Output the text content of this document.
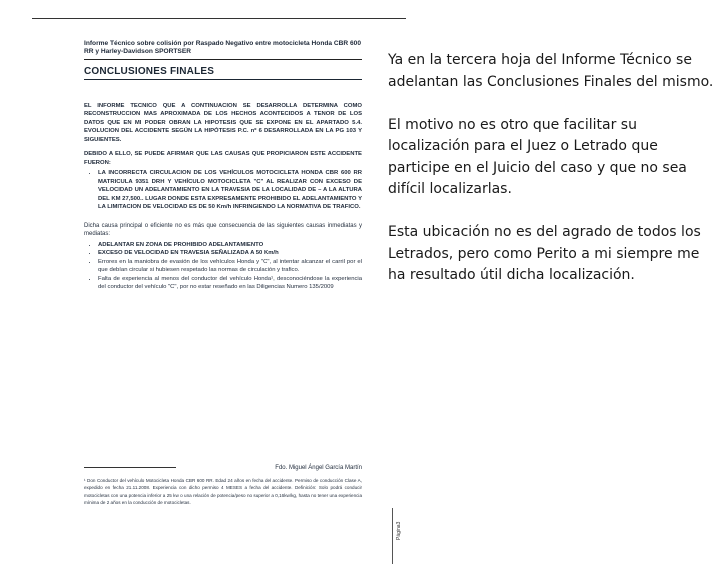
Informe Técnico sobre colisión por Raspado Negativo entre motocicleta Honda CBR 600 RR y Harley-Davidson SPORTSER
CONCLUSIONES FINALES
EL INFORME TECNICO QUE A CONTINUACION SE DESARROLLA DETERMINA COMO RECONSTRUCCION MAS APROXIMADA DE LOS HECHOS ACONTECIDOS A TENOR DE LOS DATOS QUE EN MI PODER OBRAN LA HIPOTESIS QUE SE EXPONE EN EL APARTADO 5.4. EVOLUCION DEL ACCIDENTE SEGÚN LA HIPÓTESIS P.C. nº 6 DESARROLLADA EN LA PG 103 Y SIGUIENTES.
DEBIDO A ELLO, SE PUEDE AFIRMAR QUE LAS CAUSAS QUE PROPICIARON ESTE ACCIDENTE FUERON:
• LA INCORRECTA CIRCULACION DE LOS VEHÍCULOS MOTOCICLETA HONDA CBR 600 RR MATRICULA 9351 DRH Y VEHÍCULO MOTOCICLETA "C" AL REALIZAR CON EXCESO DE VELOCIDAD UN ADELANTAMIENTO EN LA TRAVESIA DE LA LOCALIDAD DE – A LA ALTURA DEL KM 27,500.. LUGAR DONDE ESTA EXPRESAMENTE PROHIBIDO EL ADELANTAMIENTO Y LA LIMITACION DE VELOCIDAD ES DE 50 Km/h INFRINGIENDO LA NORMATIVA DE TRAFICO.
Dicha causa principal o eficiente no es más que consecuencia de las siguientes causas inmediatas y mediatas:
• ADELANTAR EN ZONA DE PROHIBIDO ADELANTAMIENTO
• EXCESO DE VELOCIDAD EN TRAVESIA SEÑALIZADA A 50 Km/h
• Errores en la maniobra de evasión de los vehículos Honda y "C", al intentar alcanzar el carril por el que debían circular si hubiesen respetado las normas de circulación y trafico.
• Falta de experiencia al menos del conductor del vehículo Honda¹, desconociéndose la experiencia del conductor del vehículo "C", por no estar reseñado en las Diligencias Numero 135/2009
Fdo. Miguel Ángel García Martín
¹ Don Conductor del vehículo Motocicleta Honda CBR 600 RR. Edad 24 años en fecha del accidente. Permiso de conducción Clase A, expedido en fecha 21.11.2008. Experiencia con dicho permiso 4 MESES a fecha del accidente. Definición: Solo podrá conducir motocicletas con una potencia inferior a 25 kw o una relación de potencia/peso no superior a 0,16kw/kg, hasta no tener una experiencia mínima de 2 años en la conducción de motocicletas.
Página3

Ya en la tercera hoja del Informe Técnico se adelantan las Conclusiones Finales del mismo.

El motivo no es otro que facilitar su localización para el Juez o Letrado que participe en el Juicio del caso y que no sea difícil localizarlas.

Esta ubicación no es del agrado de todos los Letrados, pero como Perito a mi siempre me ha resultado útil dicha localización.
